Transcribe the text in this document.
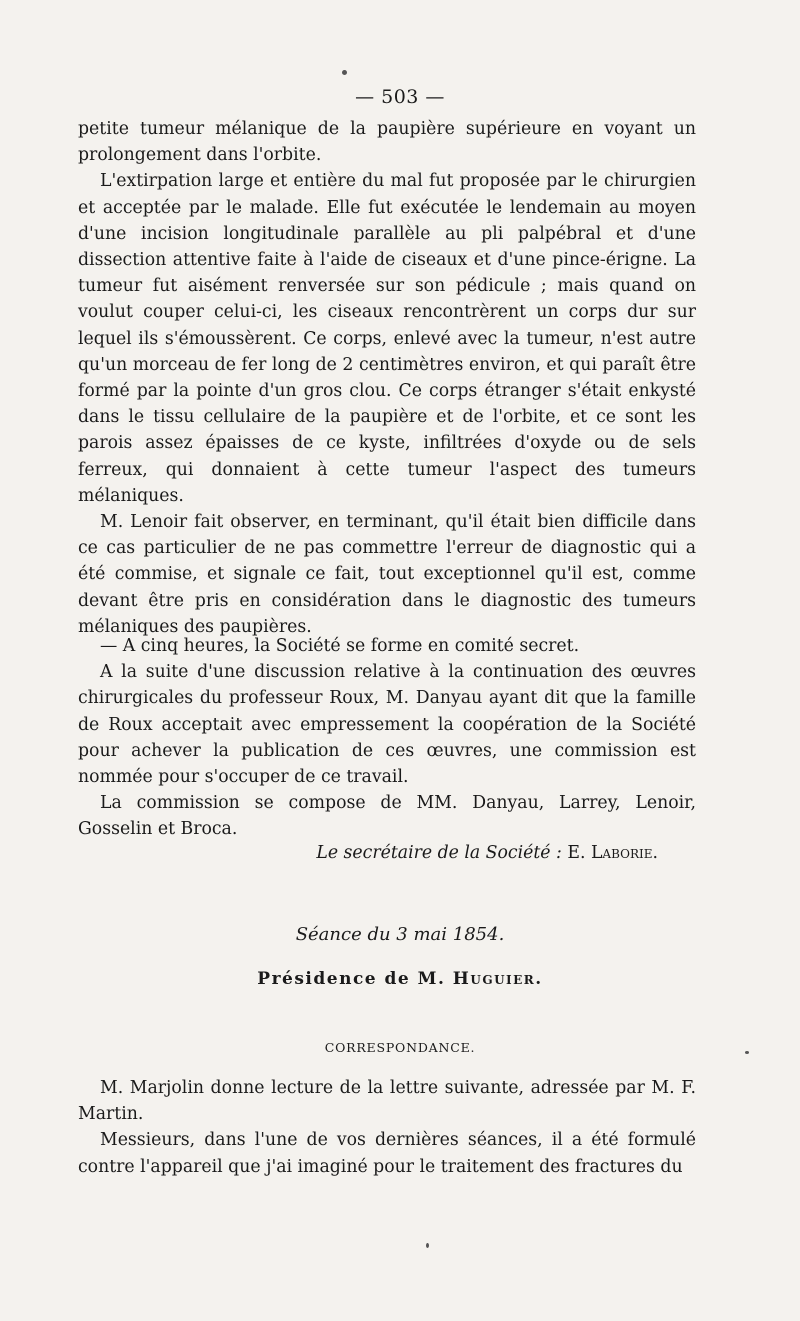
— 503 —

petite tumeur mélanique de la paupière supérieure en voyant un prolongement dans l'orbite.

L'extirpation large et entière du mal fut proposée par le chirurgien et acceptée par le malade. Elle fut exécutée le lendemain au moyen d'une incision longitudinale parallèle au pli palpébral et d'une dissection attentive faite à l'aide de ciseaux et d'une pince-érigne. La tumeur fut aisément renversée sur son pédicule ; mais quand on voulut couper celui-ci, les ciseaux rencontrèrent un corps dur sur lequel ils s'émoussèrent. Ce corps, enlevé avec la tumeur, n'est autre qu'un morceau de fer long de 2 centimètres environ, et qui paraît être formé par la pointe d'un gros clou. Ce corps étranger s'était enkysté dans le tissu cellulaire de la paupière et de l'orbite, et ce sont les parois assez épaisses de ce kyste, infiltrées d'oxyde ou de sels ferreux, qui donnaient à cette tumeur l'aspect des tumeurs mélaniques.

M. Lenoir fait observer, en terminant, qu'il était bien difficile dans ce cas particulier de ne pas commettre l'erreur de diagnostic qui a été commise, et signale ce fait, tout exceptionnel qu'il est, comme devant être pris en considération dans le diagnostic des tumeurs mélaniques des paupières.

— A cinq heures, la Société se forme en comité secret.

A la suite d'une discussion relative à la continuation des œuvres chirurgicales du professeur Roux, M. Danyau ayant dit que la famille de Roux acceptait avec empressement la coopération de la Société pour achever la publication de ces œuvres, une commission est nommée pour s'occuper de ce travail.

La commission se compose de MM. Danyau, Larrey, Lenoir, Gosselin et Broca.

Le secrétaire de la Société : E. Laborie.
Séance du 3 mai 1854.
Présidence de M. Huguier.
CORRESPONDANCE.

M. Marjolin donne lecture de la lettre suivante, adressée par M. F. Martin.

Messieurs, dans l'une de vos dernières séances, il a été formulé contre l'appareil que j'ai imaginé pour le traitement des fractures du
